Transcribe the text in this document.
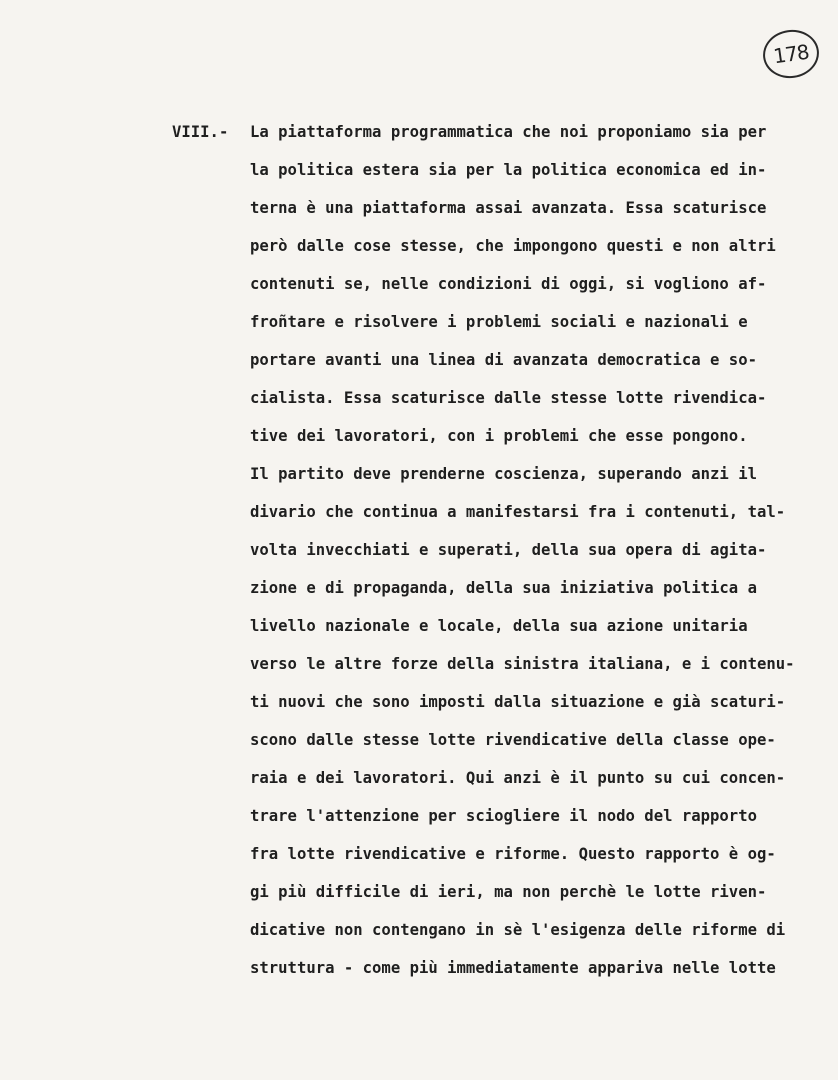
178
VIII.- La piattaforma programmatica che noi proponiamo sia per
la politica estera sia per la politica economica ed in-
terna è una piattaforma assai avanzata. Essa scaturisce
però dalle cose stesse, che impongono questi e non altri
contenuti se, nelle condizioni di oggi, si vogliono af-
froñtare e risolvere i problemi sociali e nazionali e
portare avanti una linea di avanzata democratica e so-
cialista. Essa scaturisce dalle stesse lotte rivendica-
tive dei lavoratori, con i problemi che esse pongono.
Il partito deve prenderne coscienza, superando anzi il
divario che continua a manifestarsi fra i contenuti, tal-
volta invecchiati e superati, della sua opera di agita-
zione e di propaganda, della sua iniziativa politica a
livello nazionale e locale, della sua azione unitaria
verso le altre forze della sinistra italiana, e i contenu-
ti nuovi che sono imposti dalla situazione e già scaturi-
scono dalle stesse lotte rivendicative della classe ope-
raia e dei lavoratori. Qui anzi è il punto su cui concen-
trare l'attenzione per sciogliere il nodo del rapporto
fra lotte rivendicative e riforme. Questo rapporto è og-
gi più difficile di ieri, ma non perchè le lotte riven-
dicative non contengano in sè l'esigenza delle riforme di
struttura - come più immediatamente appariva nelle lotte
